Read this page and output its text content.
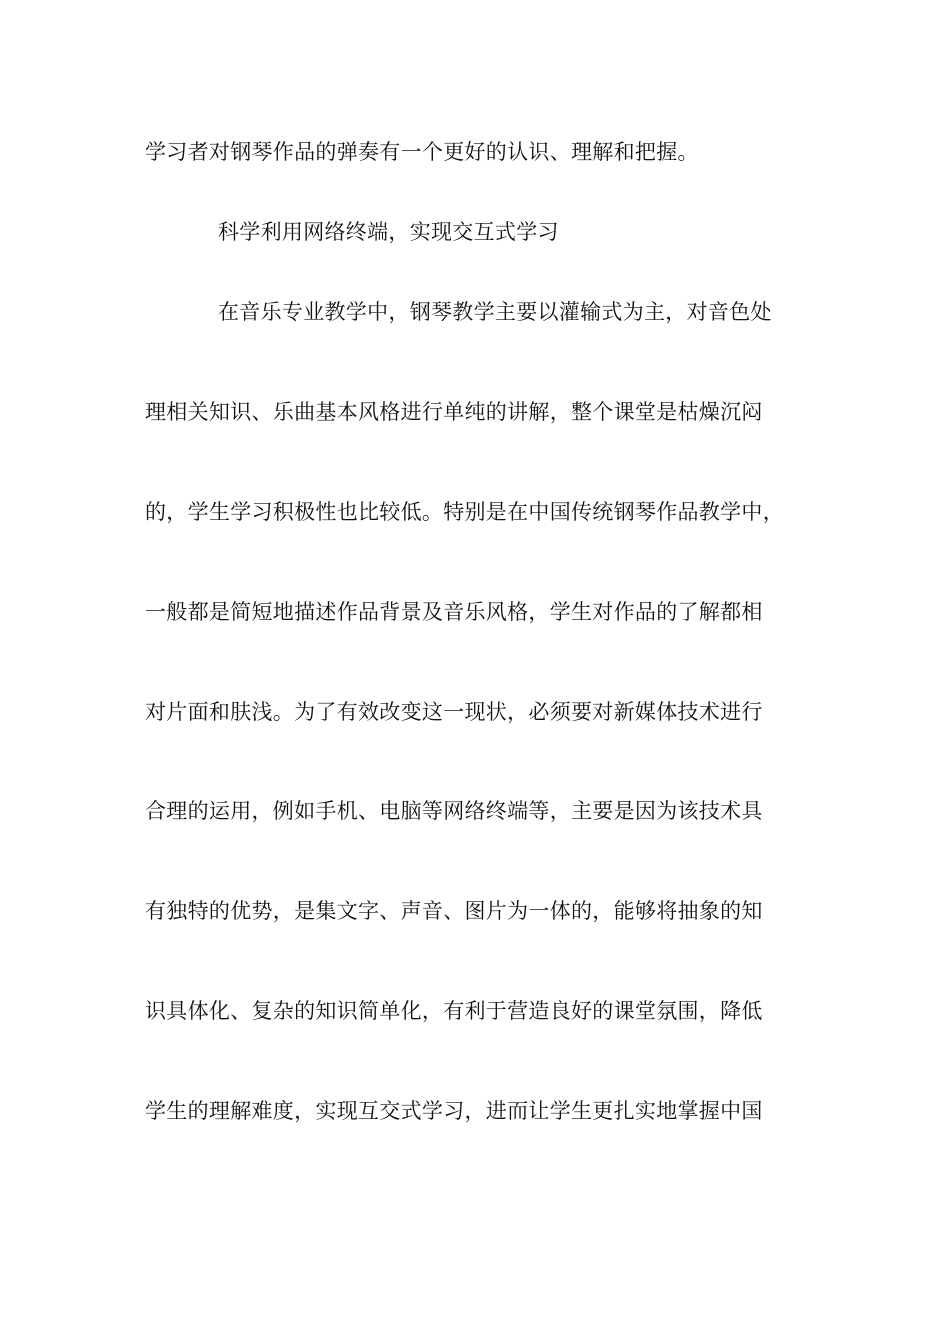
学习者对钢琴作品的弹奏有一个更好的认识、理解和把握。
科学利用网络终端，实现交互式学习
在音乐专业教学中，钢琴教学主要以灌输式为主，对音色处
理相关知识、乐曲基本风格进行单纯的讲解，整个课堂是枯燥沉闷
的，学生学习积极性也比较低。特别是在中国传统钢琴作品教学中，
一般都是简短地描述作品背景及音乐风格，学生对作品的了解都相
对片面和肤浅。为了有效改变这一现状，必须要对新媒体技术进行
合理的运用，例如手机、电脑等网络终端等，主要是因为该技术具
有独特的优势，是集文字、声音、图片为一体的，能够将抽象的知
识具体化、复杂的知识简单化，有利于营造良好的课堂氛围，降低
学生的理解难度，实现互交式学习，进而让学生更扎实地掌握中国
